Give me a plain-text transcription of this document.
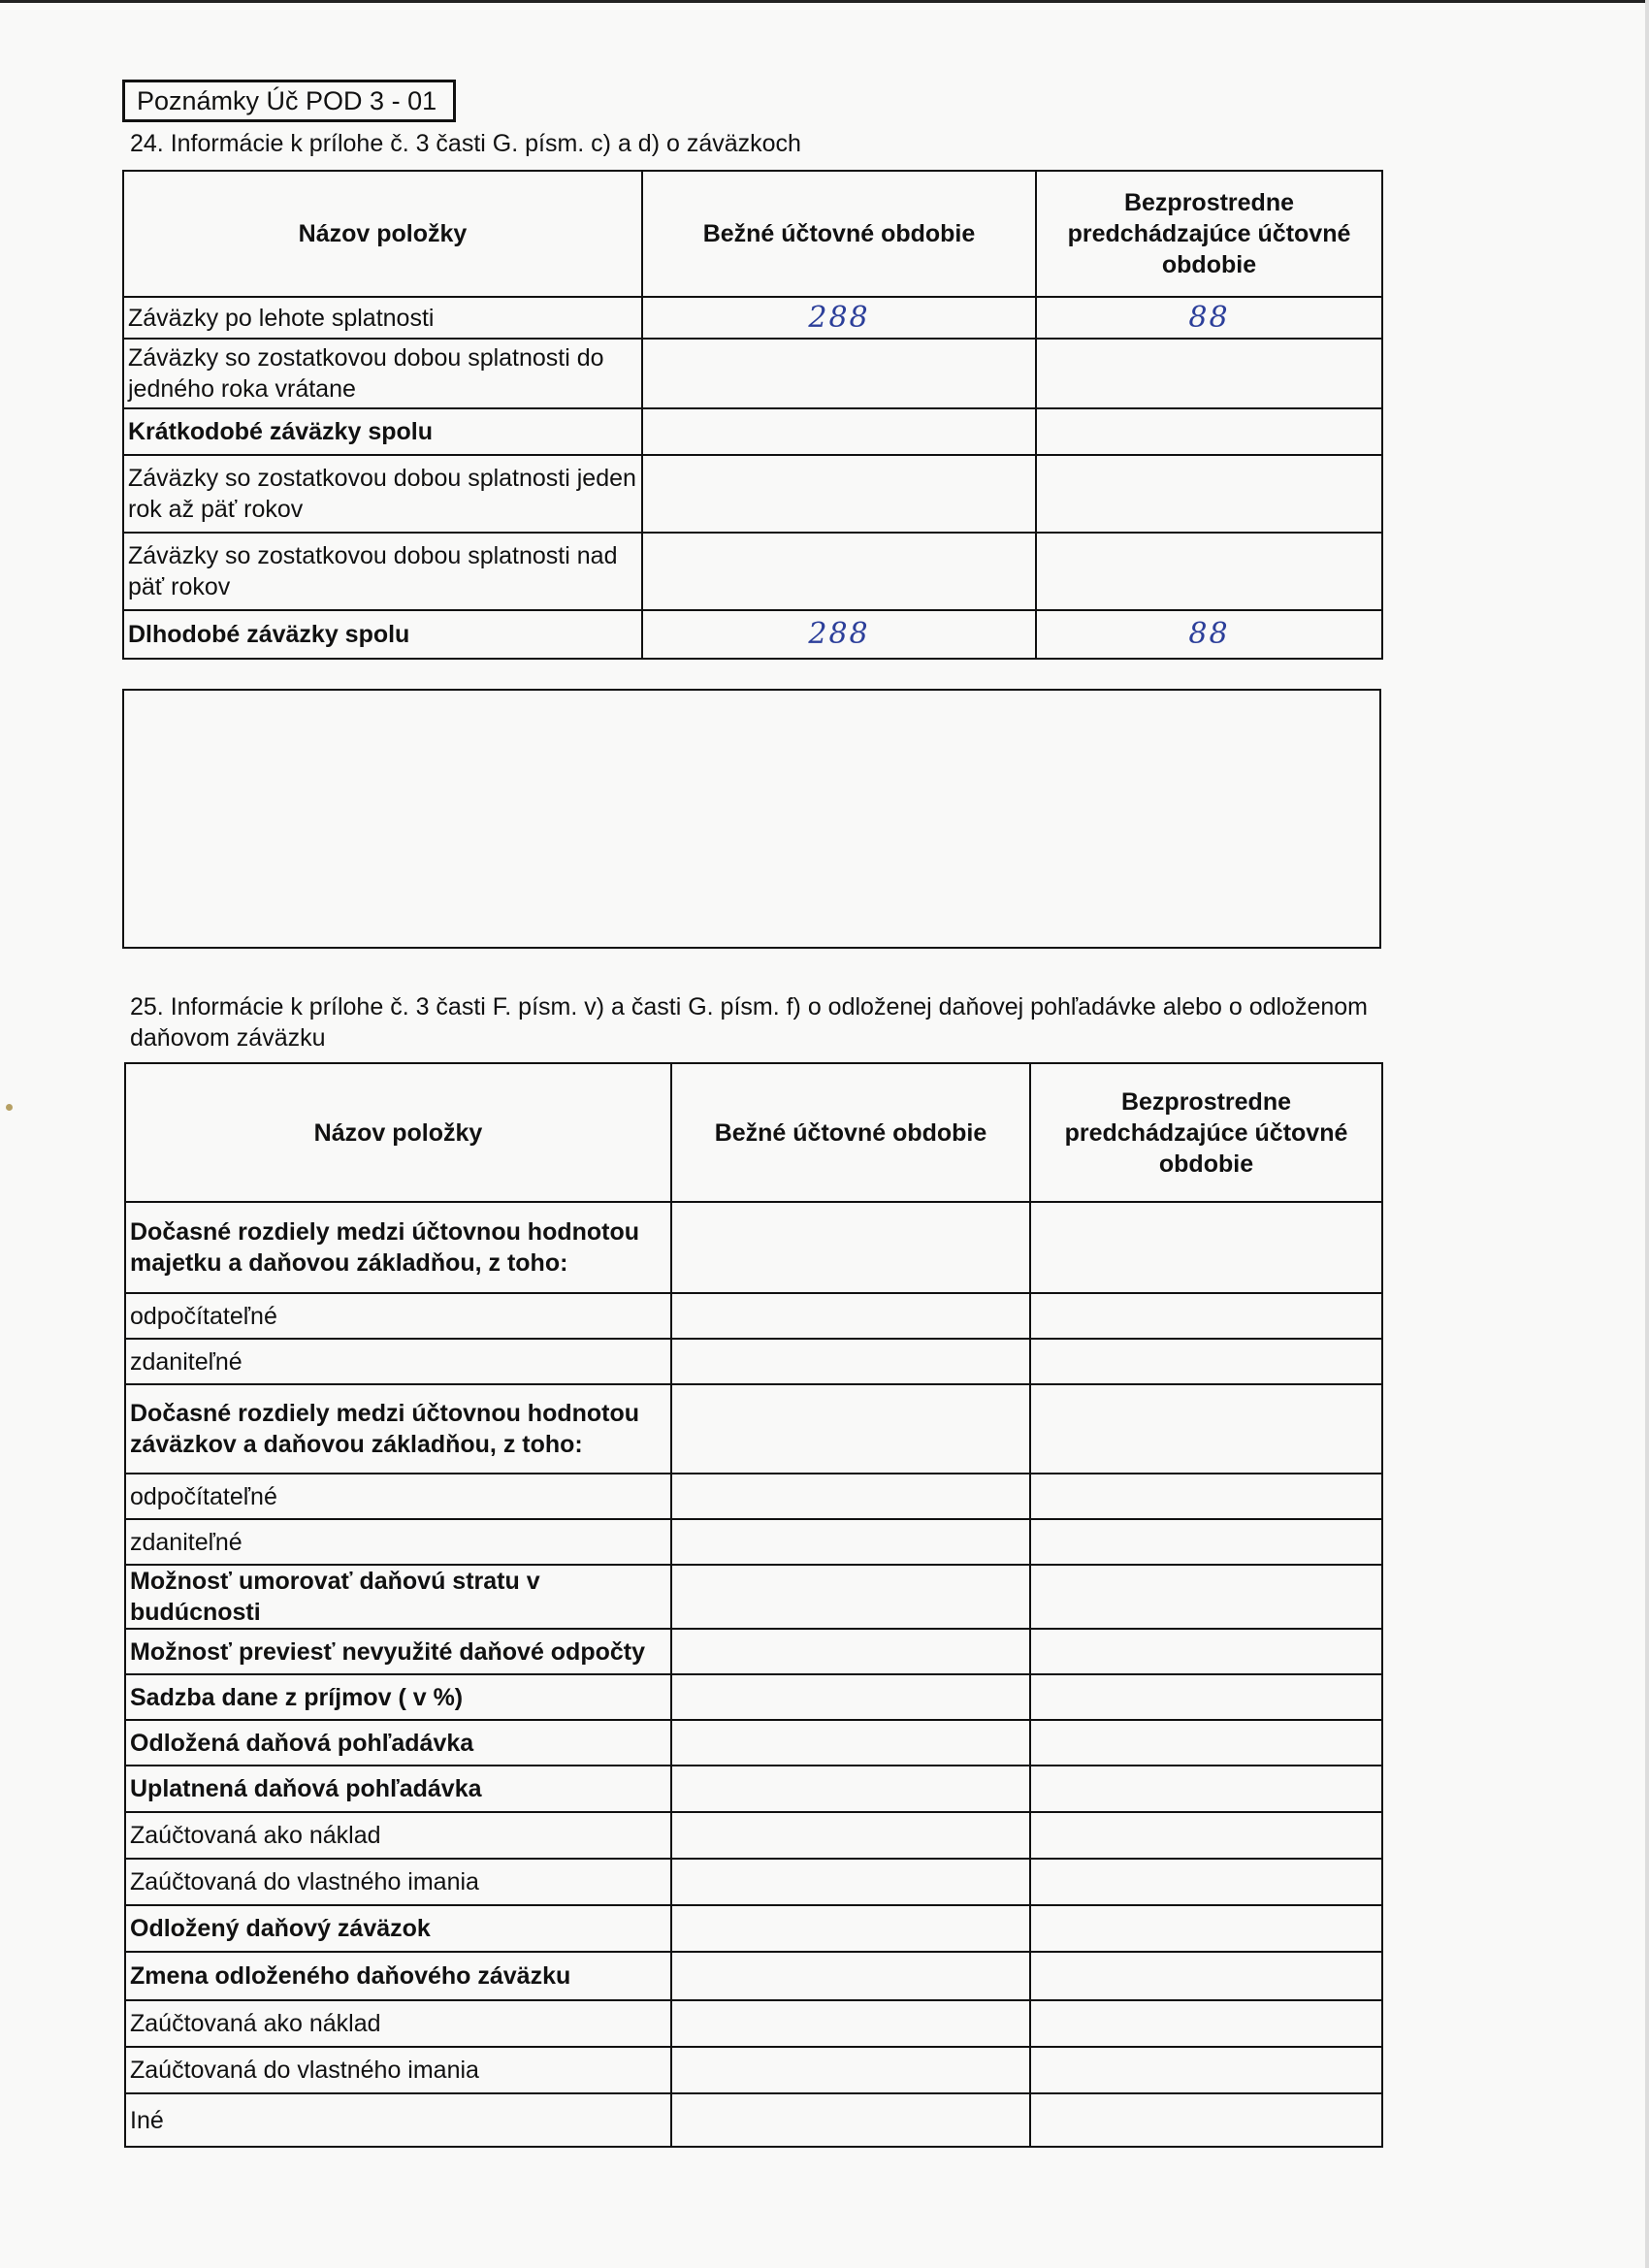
Poznámky Úč POD 3 - 01
24. Informácie k prílohe č. 3 časti G. písm. c) a d) o záväzkoch
Názov položky	Bežné účtovné obdobie	Bezprostredne predchádzajúce účtovné obdobie
Záväzky po lehote splatnosti	288	88
Záväzky so zostatkovou dobou splatnosti do jedného roka vrátane		
Krátkodobé záväzky spolu		
Záväzky so zostatkovou dobou splatnosti jeden rok až päť rokov		
Záväzky so zostatkovou dobou splatnosti nad päť rokov		
Dlhodobé záväzky spolu	288	88
25. Informácie k prílohe č. 3 časti F. písm. v) a časti G. písm. f) o odloženej daňovej pohľadávke alebo o odloženom
daňovom záväzku
Názov položky	Bežné účtovné obdobie	Bezprostredne predchádzajúce účtovné obdobie
Dočasné rozdiely medzi účtovnou hodnotou majetku a daňovou základňou, z toho:		
odpočítateľné		
zdaniteľné		
Dočasné rozdiely medzi účtovnou hodnotou záväzkov a daňovou základňou, z toho:		
odpočítateľné		
zdaniteľné		
Možnosť umorovať daňovú stratu v budúcnosti		
Možnosť previesť nevyužité daňové odpočty		
Sadzba dane z príjmov ( v %)		
Odložená daňová pohľadávka		
Uplatnená daňová pohľadávka		
Zaúčtovaná ako náklad		
Zaúčtovaná do vlastného imania		
Odložený daňový záväzok		
Zmena odloženého daňového záväzku		
Zaúčtovaná ako náklad		
Zaúčtovaná do vlastného imania		
Iné		
